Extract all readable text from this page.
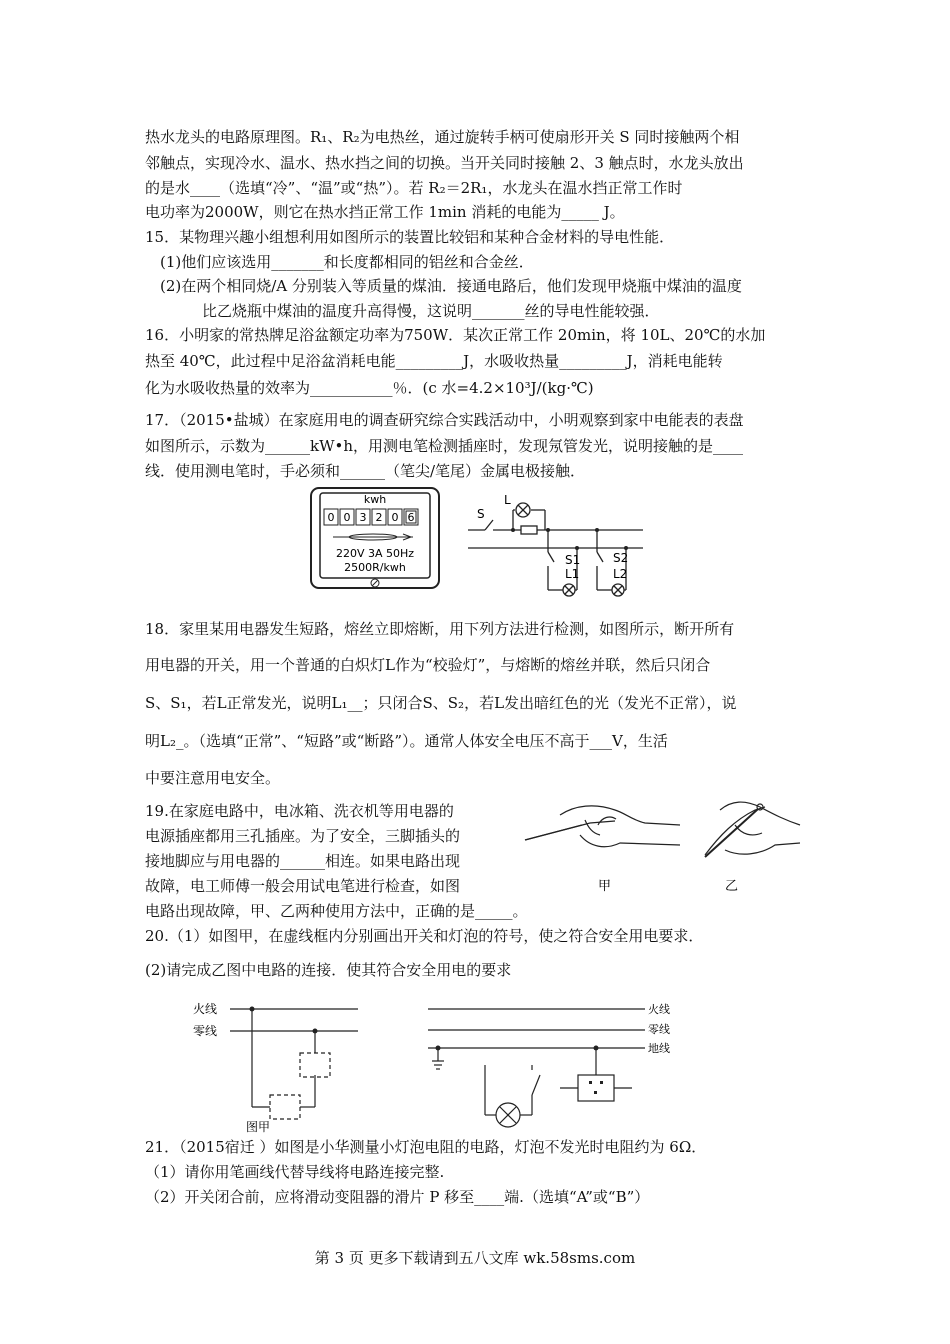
热水龙头的电路原理图。R₁、R₂为电热丝，通过旋转手柄可使扇形开关 S 同时接触两个相
邻触点，实现冷水、温水、热水挡之间的切换。当开关同时接触 2、3 触点时，水龙头放出
的是水____（选填“冷”、“温”或“热”）。若 R₂＝2R₁，水龙头在温水挡正常工作时
电功率为2000W，则它在热水挡正常工作 1min 消耗的电能为_____ J。
15．某物理兴趣小组想利用如图所示的装置比较铝和某种合金材料的导电性能．
(1)他们应该选用_______和长度都相同的铝丝和合金丝．
(2)在两个相同烧/A 分别装入等质量的煤油．接通电路后，他们发现甲烧瓶中煤油的温度
比乙烧瓶中煤油的温度升高得慢，这说明_______丝的导电性能较强．
16．小明家的常热牌足浴盆额定功率为750W．某次正常工作 20min，将 10L、20℃的水加
热至 40℃，此过程中足浴盆消耗电能_________J，水吸收热量_________J，消耗电能转
化为水吸收热量的效率为___________％．(c 水=4.2×10³J/(kg·℃)
17．（2015•盐城）在家庭用电的调查研究综合实践活动中，小明观察到家中电能表的表盘
如图所示，示数为______kW•h，用测电笔检测插座时，发现氖管发光，说明接触的是____
线．使用测电笔时，手必须和______（笔尖/笔尾）金属电极接触．
kwh
0 0 3 2 0 6
220V 3A 50Hz
2500R/kwh
S
L
S1
L1
S2
L2
18．家里某用电器发生短路，熔丝立即熔断，用下列方法进行检测，如图所示，断开所有
用电器的开关，用一个普通的白炽灯L作为“校验灯”，与熔断的熔丝并联，然后只闭合
S、S₁，若L正常发光，说明L₁__；只闭合S、S₂，若L发出暗红色的光（发光不正常），说
明L₂_。（选填“正常”、“短路”或“断路”）。通常人体安全电压不高于___V，生活
中要注意用电安全。
19.在家庭电路中，电冰箱、洗衣机等用电器的
电源插座都用三孔插座。为了安全，三脚插头的
接地脚应与用电器的______相连。如果电路出现
故障，电工师傅一般会用试电笔进行检查，如图
电路出现故障，甲、乙两种使用方法中，正确的是_____。
甲	乙
20.（1）如图甲，在虚线框内分别画出开关和灯泡的符号，使之符合安全用电要求．
(2)请完成乙图中电路的连接．使其符合安全用电的要求
火线
零线
图甲
火线
零线
地线
21．（2015宿迁 ）如图是小华测量小灯泡电阻的电路，灯泡不发光时电阻约为 6Ω．
（1）请你用笔画线代替导线将电路连接完整.
（2）开关闭合前，应将滑动变阻器的滑片 P 移至____端.（选填“A”或“B”）
第 3 页 更多下载请到五八文库 wk.58sms.com
